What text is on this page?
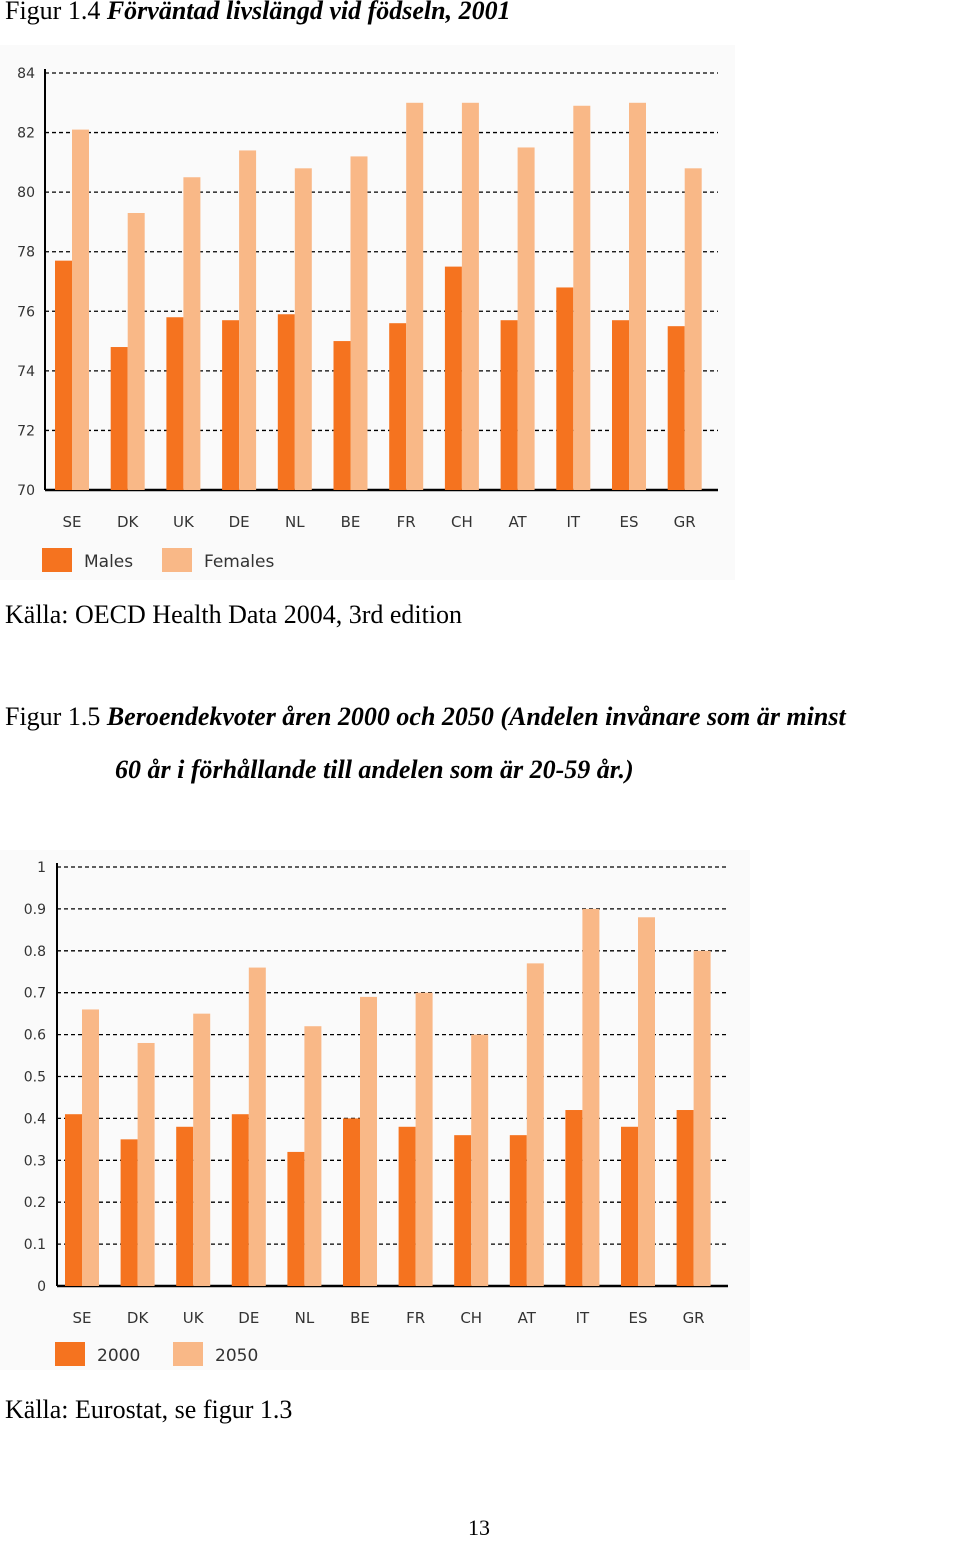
Figur 1.4 Förväntad livslängd vid födseln, 2001
70
72
74
76
78
80
82
84
SE DK UK DE NL BE FR CH AT	IT	ES GR
Males	Females
Källa: OECD Health Data 2004, 3rd edition
Figur 1.5 Beroendekvoter åren 2000 och 2050 (Andelen invånare som är minst
60 år i förhållande till andelen som är 20-59 år.)
0
0.1
0.2
0.3
0.4
0.5
0.6
0.7
0.8
0.9
1
SE DK UK DE NL BE FR CH AT	IT	ES GR
2000	2050
Källa: Eurostat, se figur 1.3
13
